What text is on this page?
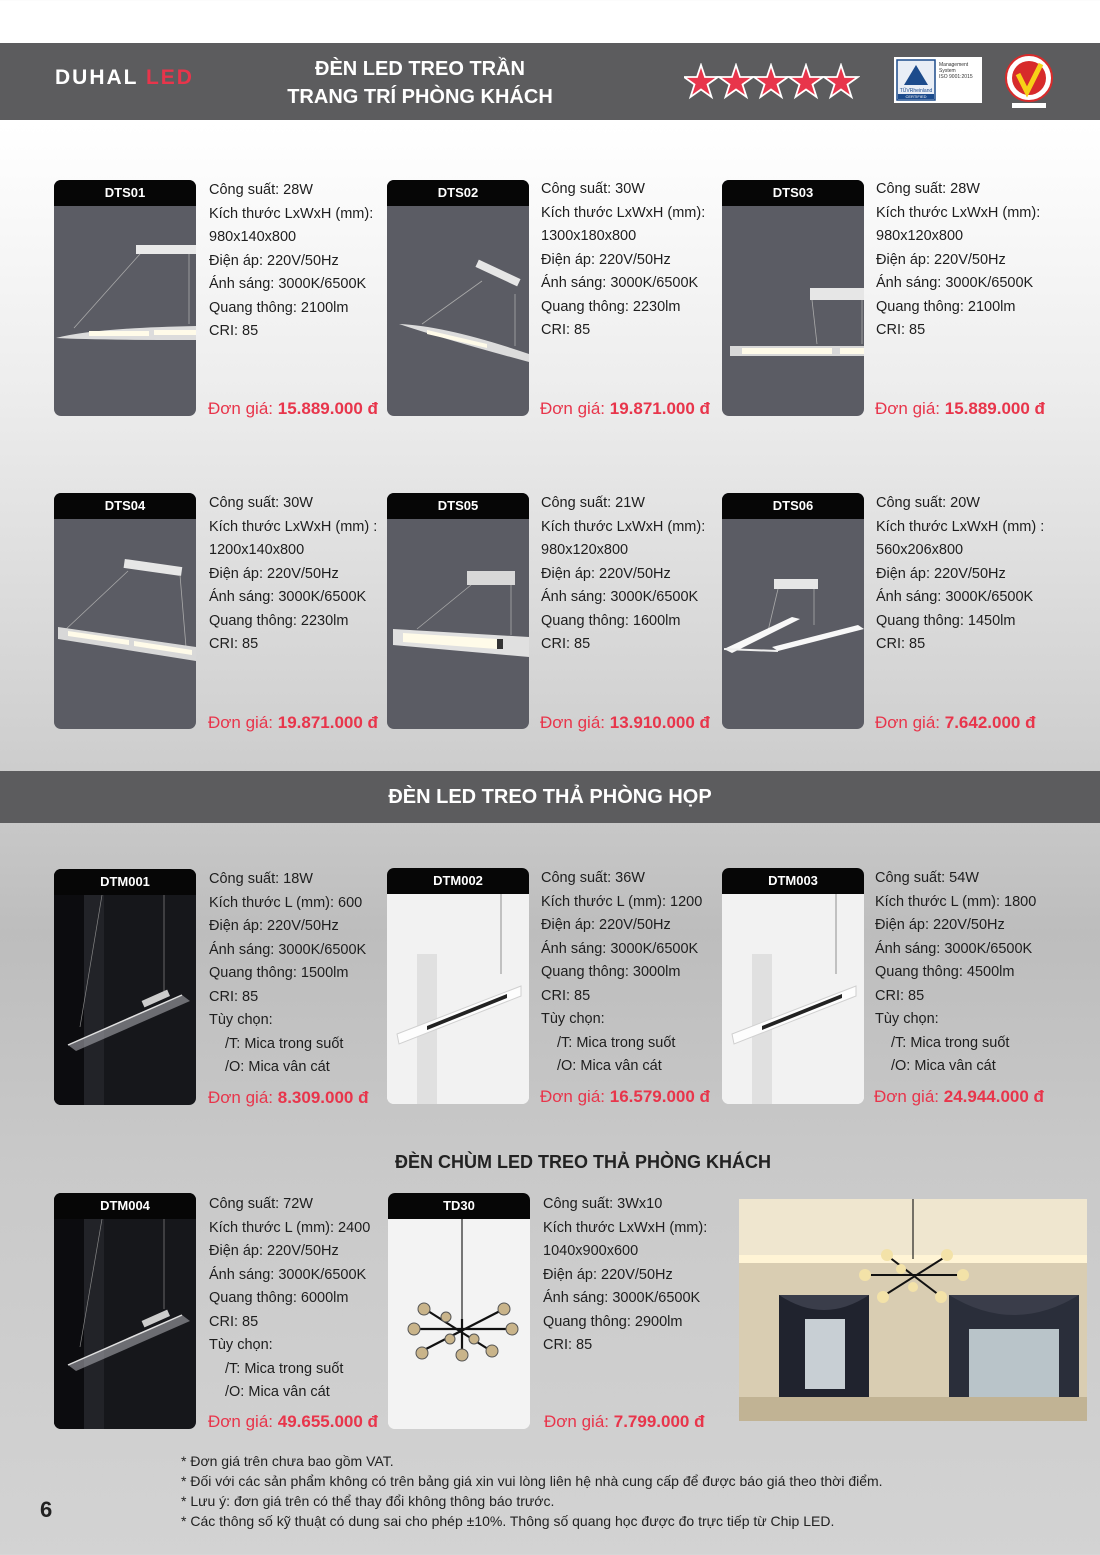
DUHAL LED	ĐÈN LED TREO TRẦN
TRANG TRÍ PHÒNG KHÁCH	TÜVRheinland
CERTIFIED
Management
System
ISO 9001:2015
DTS01	DTS02	DTS03
Công suất: 28W
Kích thước LxWxH (mm):
980x140x800
Điện áp: 220V/50Hz
Ánh sáng: 3000K/6500K
Quang thông: 2100lm
CRI: 85
Công suất: 30W
Kích thước LxWxH (mm):
1300x180x800
Điện áp: 220V/50Hz
Ánh sáng: 3000K/6500K
Quang thông: 2230lm
CRI: 85
Công suất: 28W
Kích thước LxWxH (mm):
980x120x800
Điện áp: 220V/50Hz
Ánh sáng: 3000K/6500K
Quang thông: 2100lm
CRI: 85
Đơn giá: 15.889.000 đ	Đơn giá: 19.871.000 đ	Đơn giá: 15.889.000 đ
DTS04	DTS05	DTS06
Công suất: 30W
Kích thước LxWxH (mm) :
1200x140x800
Điện áp: 220V/50Hz
Ánh sáng: 3000K/6500K
Quang thông: 2230lm
CRI: 85
Công suất: 21W
Kích thước LxWxH (mm):
980x120x800
Điện áp: 220V/50Hz
Ánh sáng: 3000K/6500K
Quang thông: 1600lm
CRI: 85
Công suất: 20W
Kích thước LxWxH (mm) :
560x206x800
Điện áp: 220V/50Hz
Ánh sáng: 3000K/6500K
Quang thông: 1450lm
CRI: 85
Đơn giá: 19.871.000 đ	Đơn giá: 13.910.000 đ	Đơn giá: 7.642.000 đ
ĐÈN LED TREO THẢ PHÒNG HỌP
DTM001	DTM002	DTM003
Công suất: 18W
Kích thước L (mm): 600
Điện áp: 220V/50Hz
Ánh sáng: 3000K/6500K
Quang thông: 1500lm
CRI: 85
Tùy chọn:
/T: Mica trong suốt
/O: Mica vân cát
Công suất: 36W
Kích thước L (mm): 1200
Điện áp: 220V/50Hz
Ánh sáng: 3000K/6500K
Quang thông: 3000lm
CRI: 85
Tùy chọn:
/T: Mica trong suốt
/O: Mica vân cát
Công suất: 54W
Kích thước L (mm): 1800
Điện áp: 220V/50Hz
Ánh sáng: 3000K/6500K
Quang thông: 4500lm
CRI: 85
Tùy chọn:
/T: Mica trong suốt
/O: Mica vân cát
Đơn giá: 8.309.000 đ	Đơn giá: 16.579.000 đ	Đơn giá: 24.944.000 đ
ĐÈN CHÙM LED TREO THẢ PHÒNG KHÁCH
DTM004	TD30
Công suất: 72W
Kích thước L (mm): 2400
Điện áp: 220V/50Hz
Ánh sáng: 3000K/6500K
Quang thông: 6000lm
CRI: 85
Tùy chọn:
/T: Mica trong suốt
/O: Mica vân cát
Công suất: 3Wx10
Kích thước LxWxH (mm):
1040x900x600
Điện áp: 220V/50Hz
Ánh sáng: 3000K/6500K
Quang thông: 2900lm
CRI: 85
Đơn giá: 49.655.000 đ	Đơn giá: 7.799.000 đ
* Đơn giá trên chưa bao gồm VAT.
* Đối với các sản phẩm không có trên bảng giá xin vui lòng liên hệ nhà cung cấp để được báo giá theo thời điểm.
* Lưu ý: đơn giá trên có thể thay đổi không thông báo trước.
* Các thông số kỹ thuật có dung sai cho phép ±10%. Thông số quang học được đo trực tiếp từ Chip LED.
6
